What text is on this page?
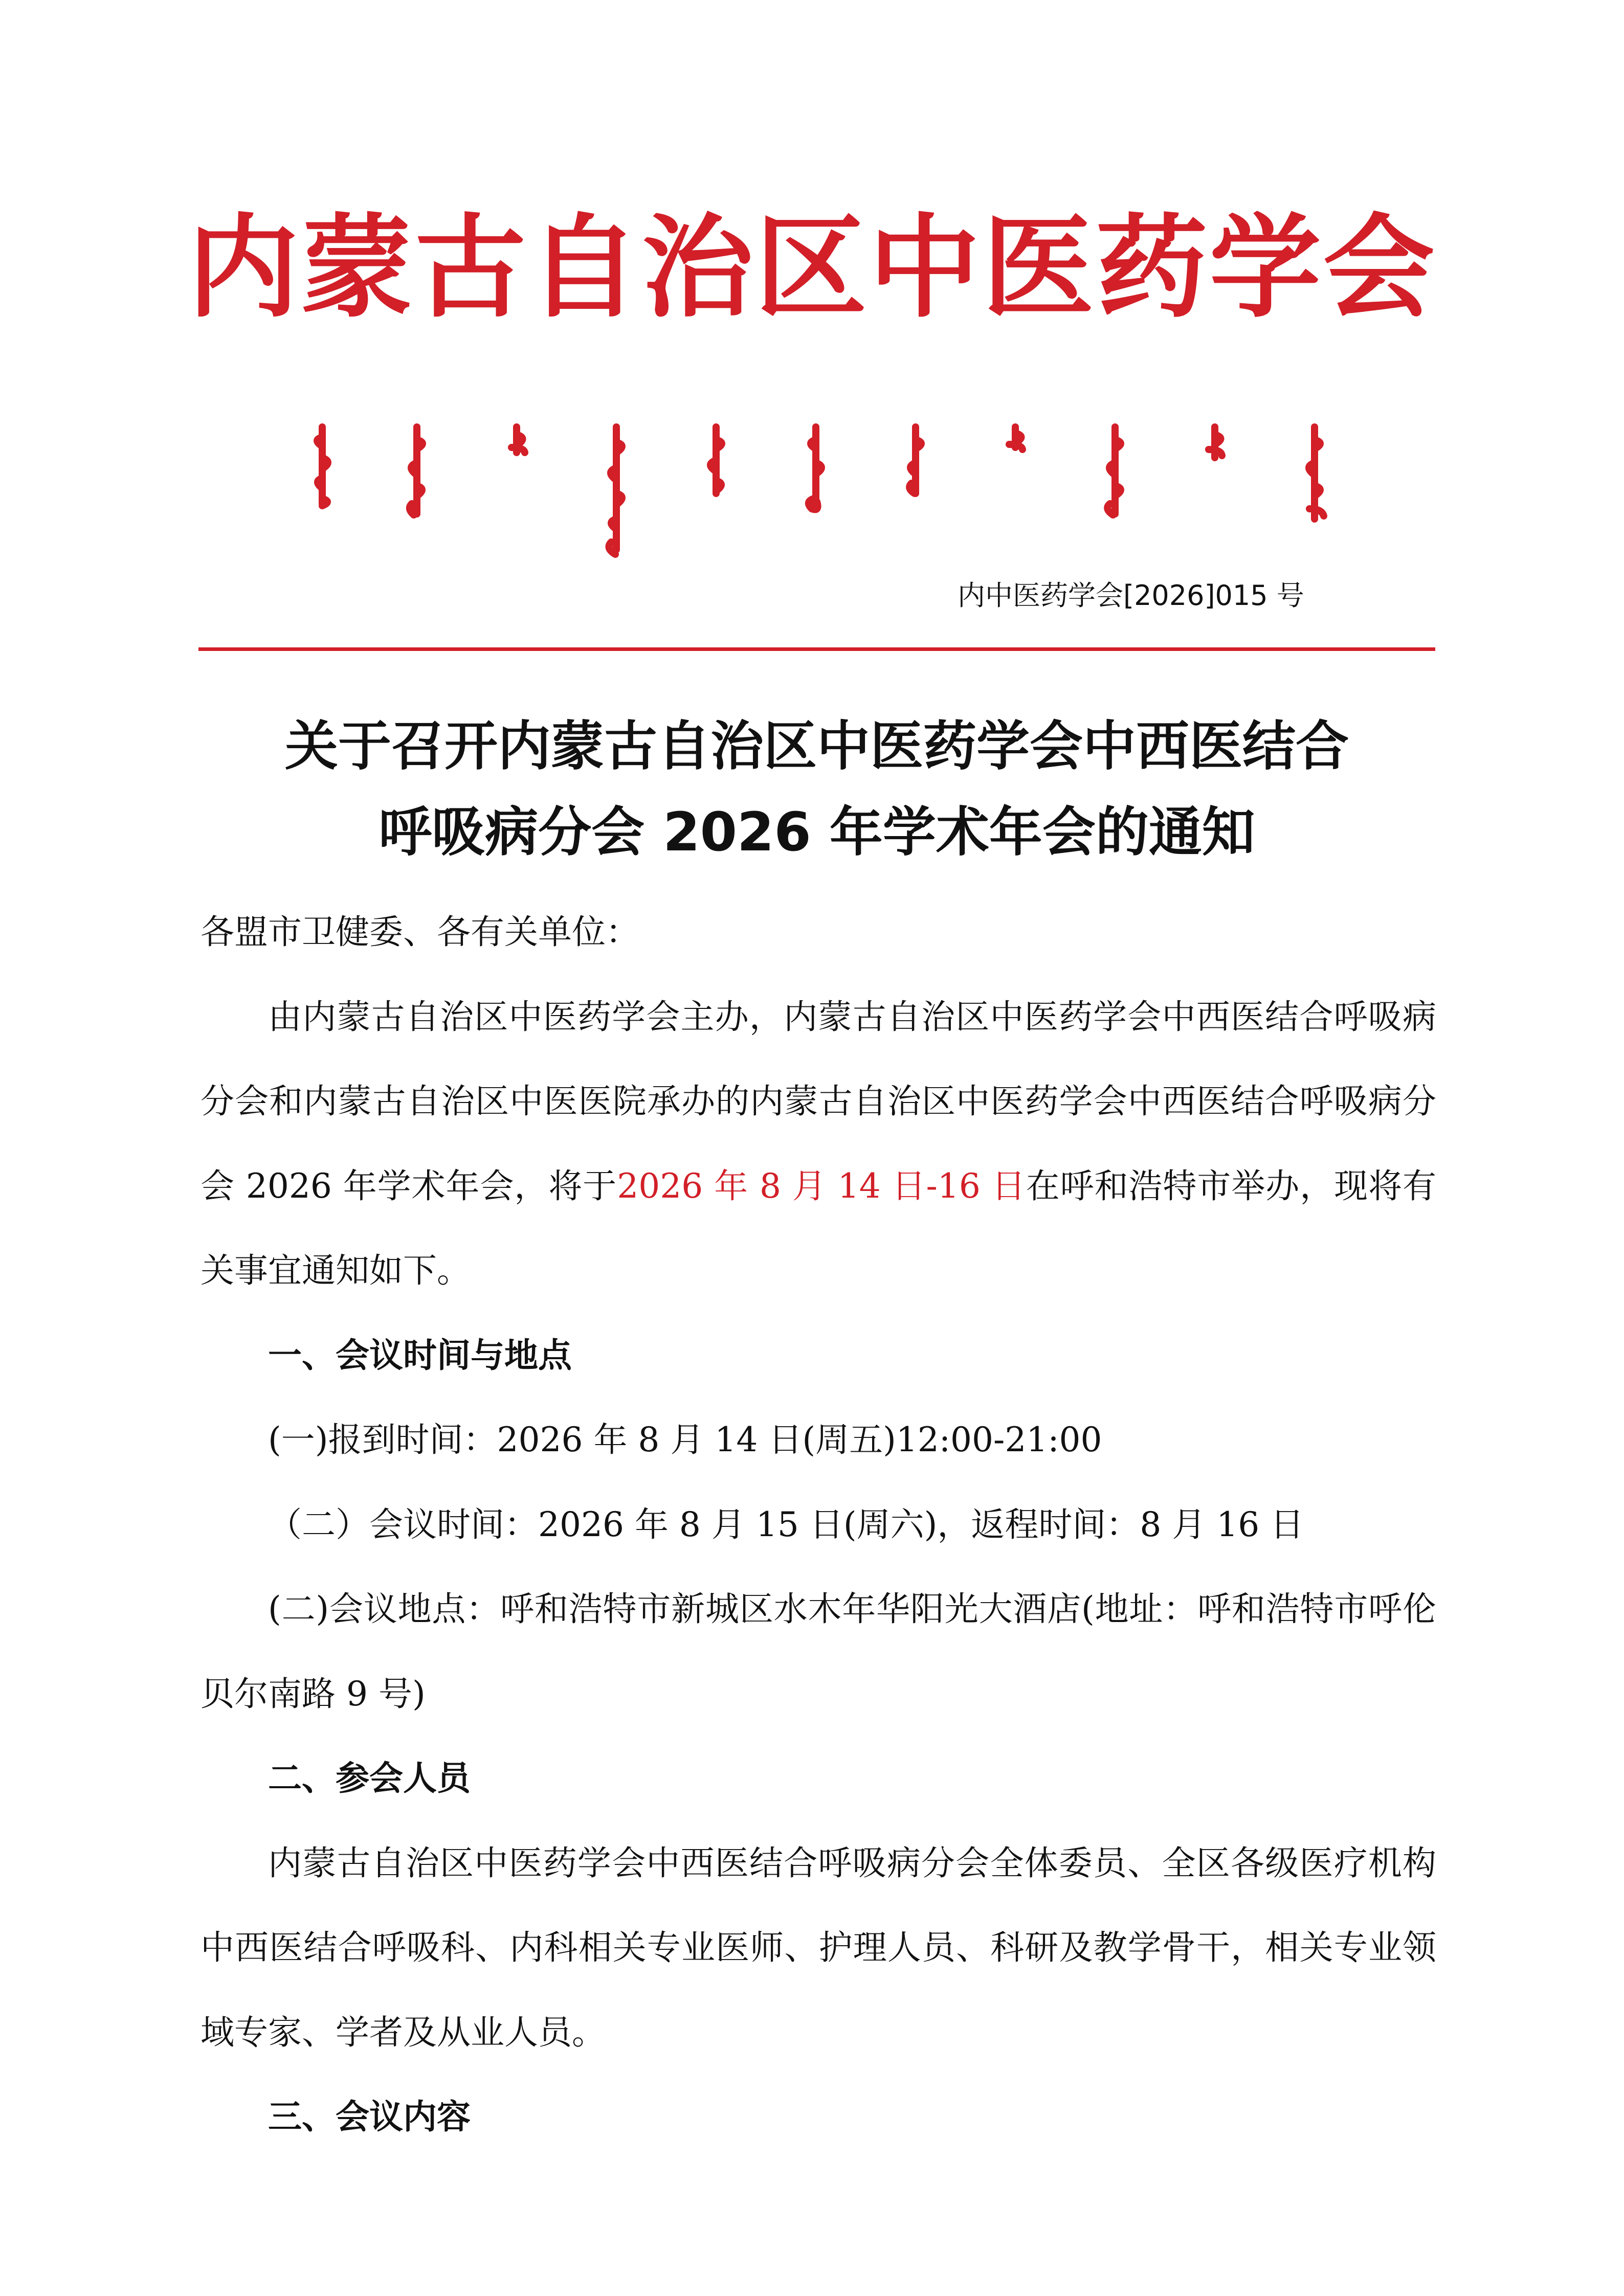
内蒙古自治区中医药学会
内中医药学会[2026]015 号
关于召开内蒙古自治区中医药学会中西医结合
呼吸病分会 2026 年学术年会的通知

各盟市卫健委、各有关单位：

由内蒙古自治区中医药学会主办，内蒙古自治区中医药学会中西医结合呼吸病分会和内蒙古自治区中医医院承办的内蒙古自治区中医药学会中西医结合呼吸病分会 2026 年学术年会，将于2026 年 8 月 14 日-16 日在呼和浩特市举办，现将有关事宜通知如下。

一、会议时间与地点

(一)报到时间：2026 年 8 月 14 日(周五)12:00-21:00

（二）会议时间：2026 年 8 月 15 日(周六)，返程时间：8 月 16 日

(二)会议地点：呼和浩特市新城区水木年华阳光大酒店(地址：呼和浩特市呼伦贝尔南路 9 号)

二、参会人员

内蒙古自治区中医药学会中西医结合呼吸病分会全体委员、全区各级医疗机构中西医结合呼吸科、内科相关专业医师、护理人员、科研及教学骨干，相关专业领域专家、学者及从业人员。

三、会议内容
